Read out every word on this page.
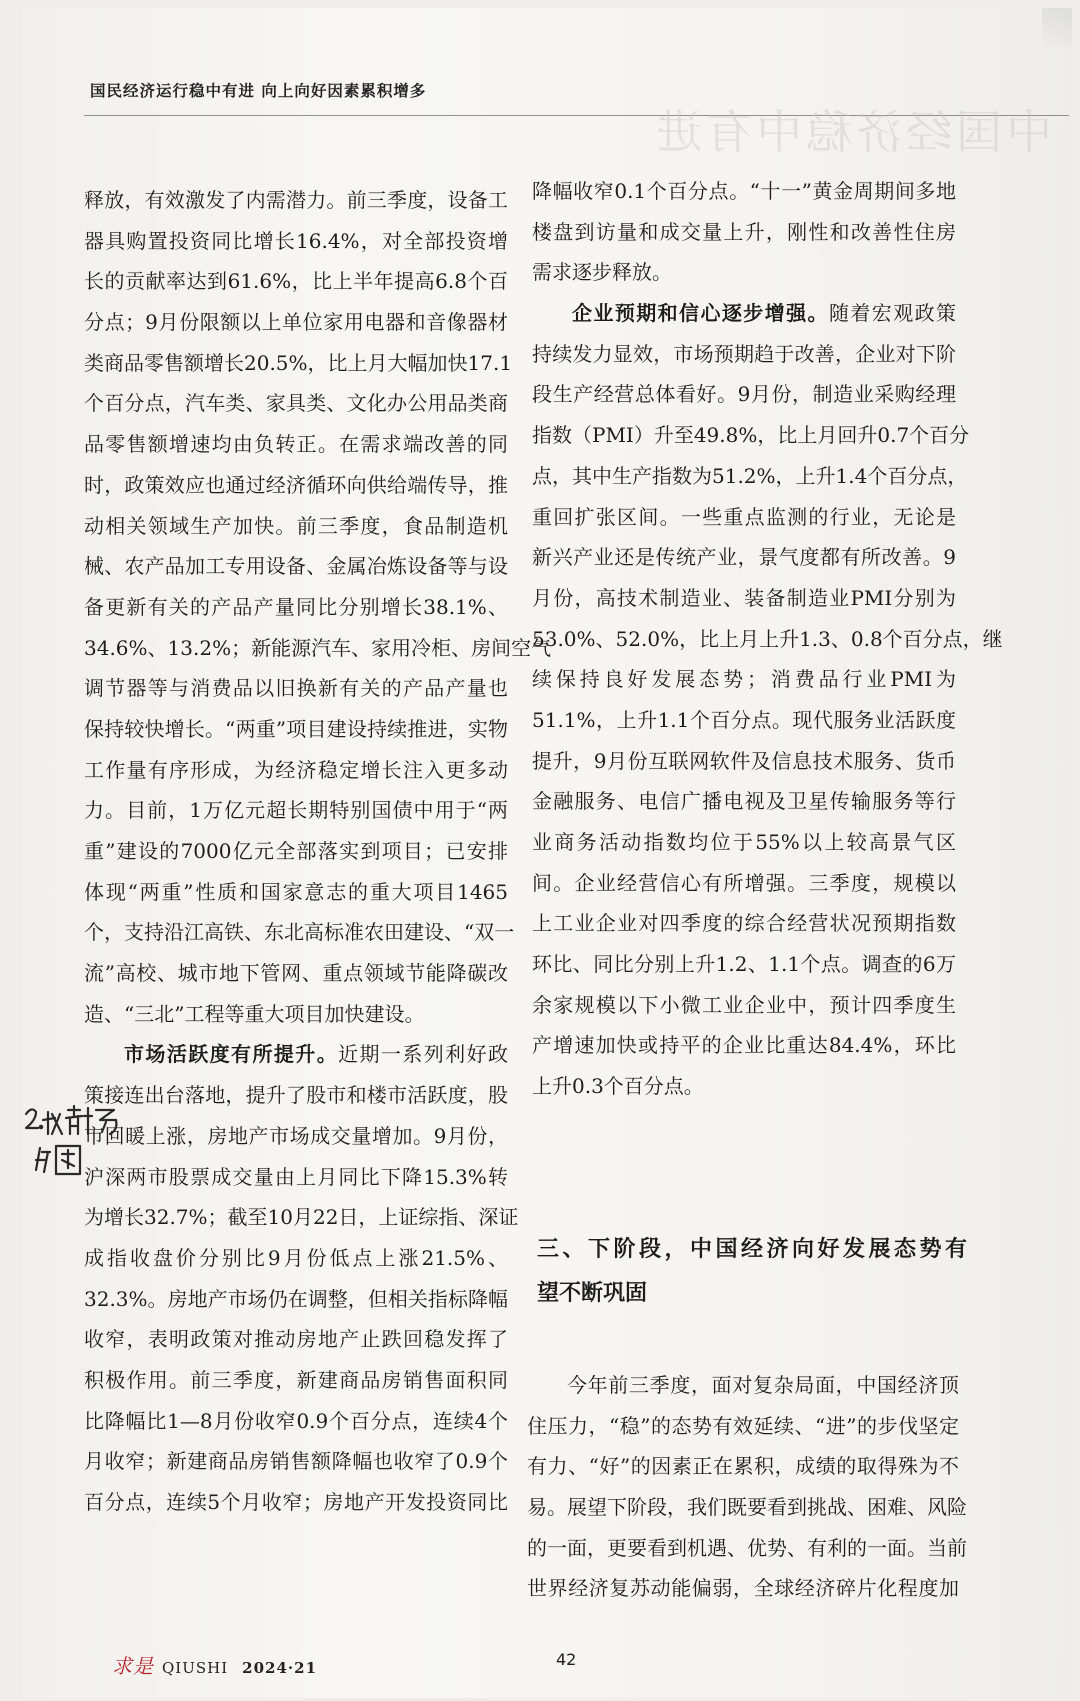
国民经济运行稳中有进 向上向好因素累积增多
中国经济稳中有进
释放，有效激发了内需潜力。前三季度，设备工
器具购置投资同比增长16.4%，对全部投资增
长的贡献率达到61.6%，比上半年提高6.8个百
分点；9月份限额以上单位家用电器和音像器材
类商品零售额增长20.5%，比上月大幅加快17.1
个百分点，汽车类、家具类、文化办公用品类商
品零售额增速均由负转正。在需求端改善的同
时，政策效应也通过经济循环向供给端传导，推
动相关领域生产加快。前三季度，食品制造机
械、农产品加工专用设备、金属冶炼设备等与设
备更新有关的产品产量同比分别增长38.1%、
34.6%、13.2%；新能源汽车、家用冷柜、房间空气
调节器等与消费品以旧换新有关的产品产量也
保持较快增长。“两重”项目建设持续推进，实物
工作量有序形成，为经济稳定增长注入更多动
力。目前，1万亿元超长期特别国债中用于“两
重”建设的7000亿元全部落实到项目；已安排
体现“两重”性质和国家意志的重大项目1465
个，支持沿江高铁、东北高标准农田建设、“双一
流”高校、城市地下管网、重点领域节能降碳改
造、“三北”工程等重大项目加快建设。
市场活跃度有所提升。近期一系列利好政
策接连出台落地，提升了股市和楼市活跃度，股
市回暖上涨，房地产市场成交量增加。9月份，
沪深两市股票成交量由上月同比下降15.3%转
为增长32.7%；截至10月22日，上证综指、深证
成指收盘价分别比9月份低点上涨21.5%、
32.3%。房地产市场仍在调整，但相关指标降幅
收窄，表明政策对推动房地产止跌回稳发挥了
积极作用。前三季度，新建商品房销售面积同
比降幅比1—8月份收窄0.9个百分点，连续4个
月收窄；新建商品房销售额降幅也收窄了0.9个
百分点，连续5个月收窄；房地产开发投资同比
降幅收窄0.1个百分点。“十一”黄金周期间多地
楼盘到访量和成交量上升，刚性和改善性住房
需求逐步释放。
企业预期和信心逐步增强。随着宏观政策
持续发力显效，市场预期趋于改善，企业对下阶
段生产经营总体看好。9月份，制造业采购经理
指数（PMI）升至49.8%，比上月回升0.7个百分
点，其中生产指数为51.2%，上升1.4个百分点，
重回扩张区间。一些重点监测的行业，无论是
新兴产业还是传统产业，景气度都有所改善。9
月份，高技术制造业、装备制造业PMI分别为
53.0%、52.0%，比上月上升1.3、0.8个百分点，继
续保持良好发展态势；消费品行业PMI为
51.1%，上升1.1个百分点。现代服务业活跃度
提升，9月份互联网软件及信息技术服务、货币
金融服务、电信广播电视及卫星传输服务等行
业商务活动指数均位于55%以上较高景气区
间。企业经营信心有所增强。三季度，规模以
上工业企业对四季度的综合经营状况预期指数
环比、同比分别上升1.2、1.1个点。调查的6万
余家规模以下小微工业企业中，预计四季度生
产增速加快或持平的企业比重达84.4%，环比
上升0.3个百分点。
三、下阶段，中国经济向好发展态势有
望不断巩固
今年前三季度，面对复杂局面，中国经济顶
住压力，“稳”的态势有效延续、“进”的步伐坚定
有力、“好”的因素正在累积，成绩的取得殊为不
易。展望下阶段，我们既要看到挑战、困难、风险
的一面，更要看到机遇、优势、有利的一面。当前
世界经济复苏动能偏弱，全球经济碎片化程度加
求是 QIUSHI 2024·21	42
